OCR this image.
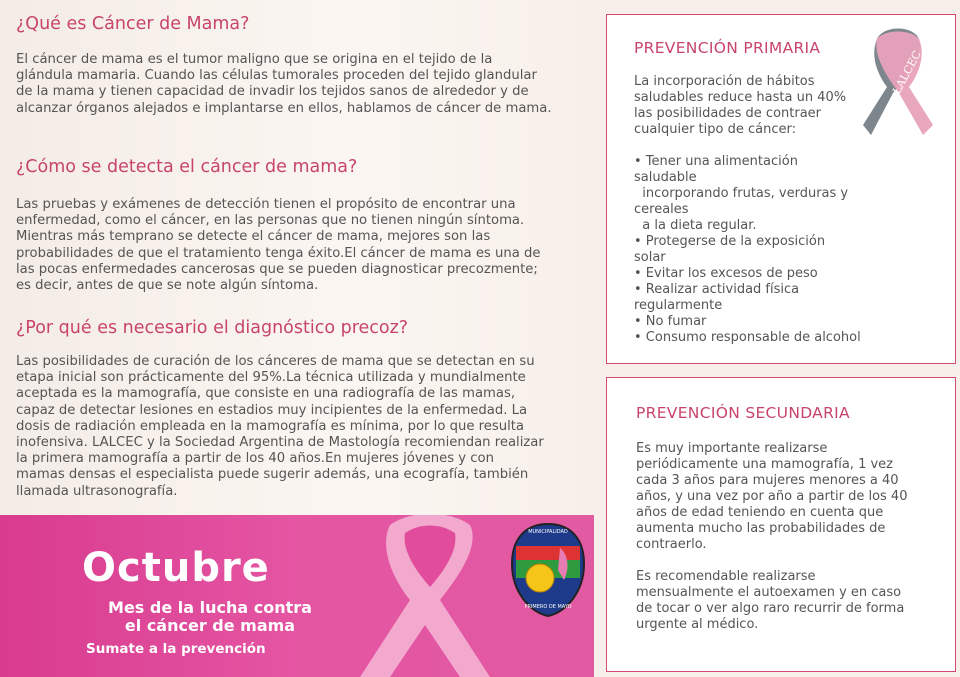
¿Qué es Cáncer de Mama?

El cáncer de mama es el tumor maligno que se origina en el tejido de la
glándula mamaria. Cuando las células tumorales proceden del tejido glandular
de la mama y tienen capacidad de invadir los tejidos sanos de alrededor y de
alcanzar órganos alejados e implantarse en ellos, hablamos de cáncer de mama.

¿Cómo se detecta el cáncer de mama?

Las pruebas y exámenes de detección tienen el propósito de encontrar una
enfermedad, como el cáncer, en las personas que no tienen ningún síntoma.
Mientras más temprano se detecte el cáncer de mama, mejores son las
probabilidades de que el tratamiento tenga éxito.El cáncer de mama es una de
las pocas enfermedades cancerosas que se pueden diagnosticar precozmente;
es decir, antes de que se note algún síntoma.

¿Por qué es necesario el diagnóstico precoz?

Las posibilidades de curación de los cánceres de mama que se detectan en su
etapa inicial son prácticamente del 95%.La técnica utilizada y mundialmente
aceptada es la mamografía, que consiste en una radiografía de las mamas,
capaz de detectar lesiones en estadios muy incipientes de la enfermedad. La
dosis de radiación empleada en la mamografía es mínima, por lo que resulta
inofensiva. LALCEC y la Sociedad Argentina de Mastología recomiendan realizar
la primera mamografía a partir de los 40 años.En mujeres jóvenes y con
mamas densas el especialista puede sugerir además, una ecografía, también
llamada ultrasonografía.

Octubre
Mes de la lucha contra
el cáncer de mama
Sumate a la prevención
MUNICIPALIDAD
PRIMERO DE MAYO
PREVENCIÓN PRIMARIA
LALCEC
La incorporación de hábitos
saludables reduce hasta un 40%
las posibilidades de contraer
cualquier tipo de cáncer:
• Tener una alimentación
saludable
incorporando frutas, verduras y
cereales
a la dieta regular.
• Protegerse de la exposición
solar
• Evitar los excesos de peso
• Realizar actividad física
regularmente
• No fumar
• Consumo responsable de alcohol
PREVENCIÓN SECUNDARIA
Es muy importante realizarse
periódicamente una mamografía, 1 vez
cada 3 años para mujeres menores a 40
años, y una vez por año a partir de los 40
años de edad teniendo en cuenta que
aumenta mucho las probabilidades de
contraerlo.
Es recomendable realizarse
mensualmente el autoexamen y en caso
de tocar o ver algo raro recurrir de forma
urgente al médico.
